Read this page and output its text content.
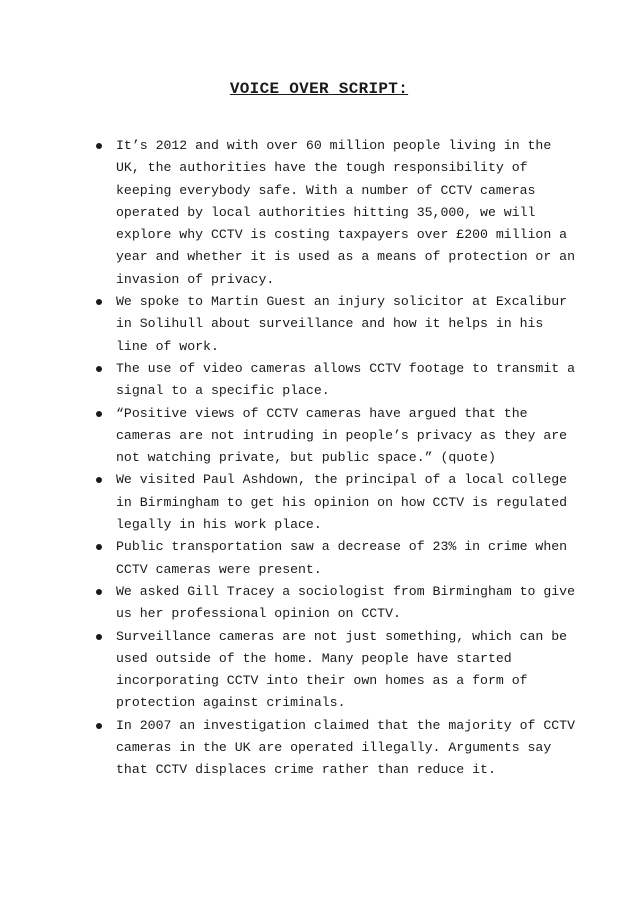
VOICE OVER SCRIPT:
It’s 2012 and with over 60 million people living in the UK, the authorities have the tough responsibility of keeping everybody safe. With a number of CCTV cameras operated by local authorities hitting 35,000, we will explore why CCTV is costing taxpayers over £200 million a year and whether it is used as a means of protection or an invasion of privacy.
We spoke to Martin Guest an injury solicitor at Excalibur in Solihull about surveillance and how it helps in his line of work.
The use of video cameras allows CCTV footage to transmit a signal to a specific place.
“Positive views of CCTV cameras have argued that the cameras are not intruding in people’s privacy as they are not watching private, but public space.” (quote)
We visited Paul Ashdown, the principal of a local college in Birmingham to get his opinion on how CCTV is regulated legally in his work place.
Public transportation saw a decrease of 23% in crime when CCTV cameras were present.
We asked Gill Tracey a sociologist from Birmingham to give us her professional opinion on CCTV.
Surveillance cameras are not just something, which can be used outside of the home. Many people have started incorporating CCTV into their own homes as a form of protection against criminals.
In 2007 an investigation claimed that the majority of CCTV cameras in the UK are operated illegally. Arguments say that CCTV displaces crime rather than reduce it.
